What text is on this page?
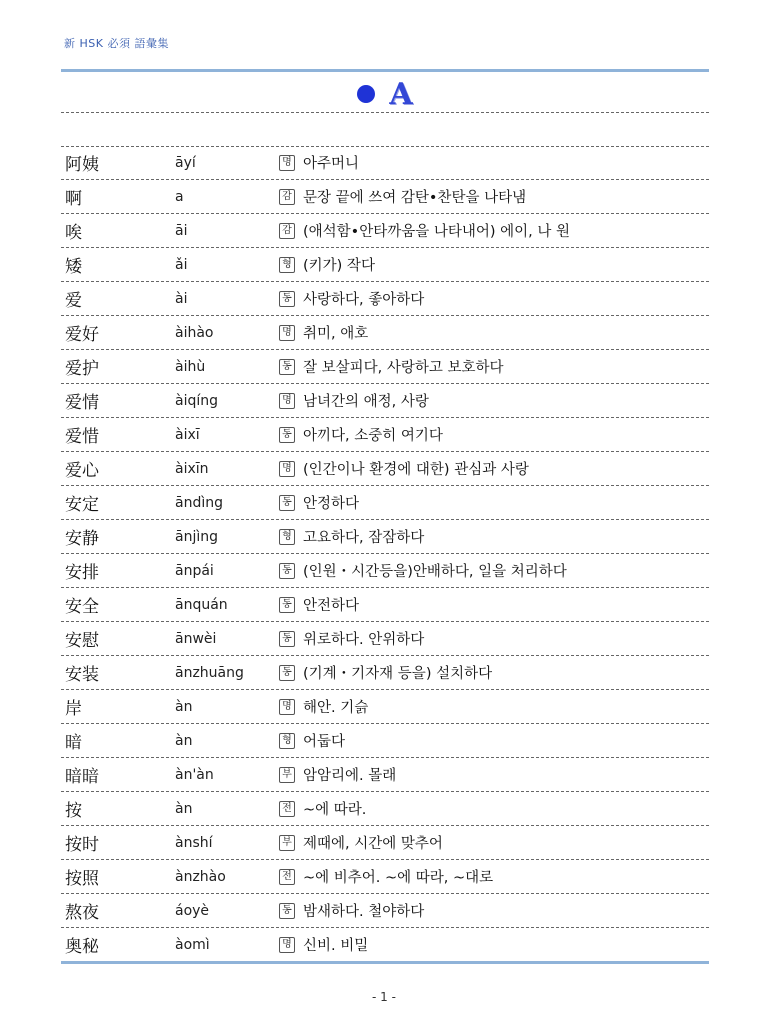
新 HSK 必須 語彙集
A
阿姨	āyí	명 아주머니
啊	a	감 문장 끝에 쓰여 감탄•찬탄을 나타냄
唉	āi	감 (애석함•안타까움을 나타내어) 에이, 나 원
矮	ǎi	형 (키가) 작다
爱	ài	동 사랑하다, 좋아하다
爱好	àihào	명 취미, 애호
爱护	àihù	동 잘 보살피다, 사랑하고 보호하다
爱情	àiqíng	명 남녀간의 애정, 사랑
爱惜	àixī	동 아끼다, 소중히 여기다
爱心	àixīn	명 (인간이나 환경에 대한) 관심과 사랑
安定	āndìng	동 안정하다
安静	ānjìng	형 고요하다, 잠잠하다
安排	ānpái	동 (인원・시간등을)안배하다, 일을 처리하다
安全	ānquán	동 안전하다
安慰	ānwèi	동 위로하다. 안위하다
安装	ānzhuāng	동 (기계・기자재 등을) 설치하다
岸	àn	명 해안. 기슭
暗	àn	형 어둡다
暗暗	àn'àn	부 암암리에. 몰래
按	àn	전 ~에 따라.
按时	ànshí	부 제때에, 시간에 맞추어
按照	ànzhào	전 ~에 비추어. ~에 따라, ~대로
熬夜	áoyè	동 밤새하다. 철야하다
奥秘	àomì	명 신비. 비밀
- 1 -
